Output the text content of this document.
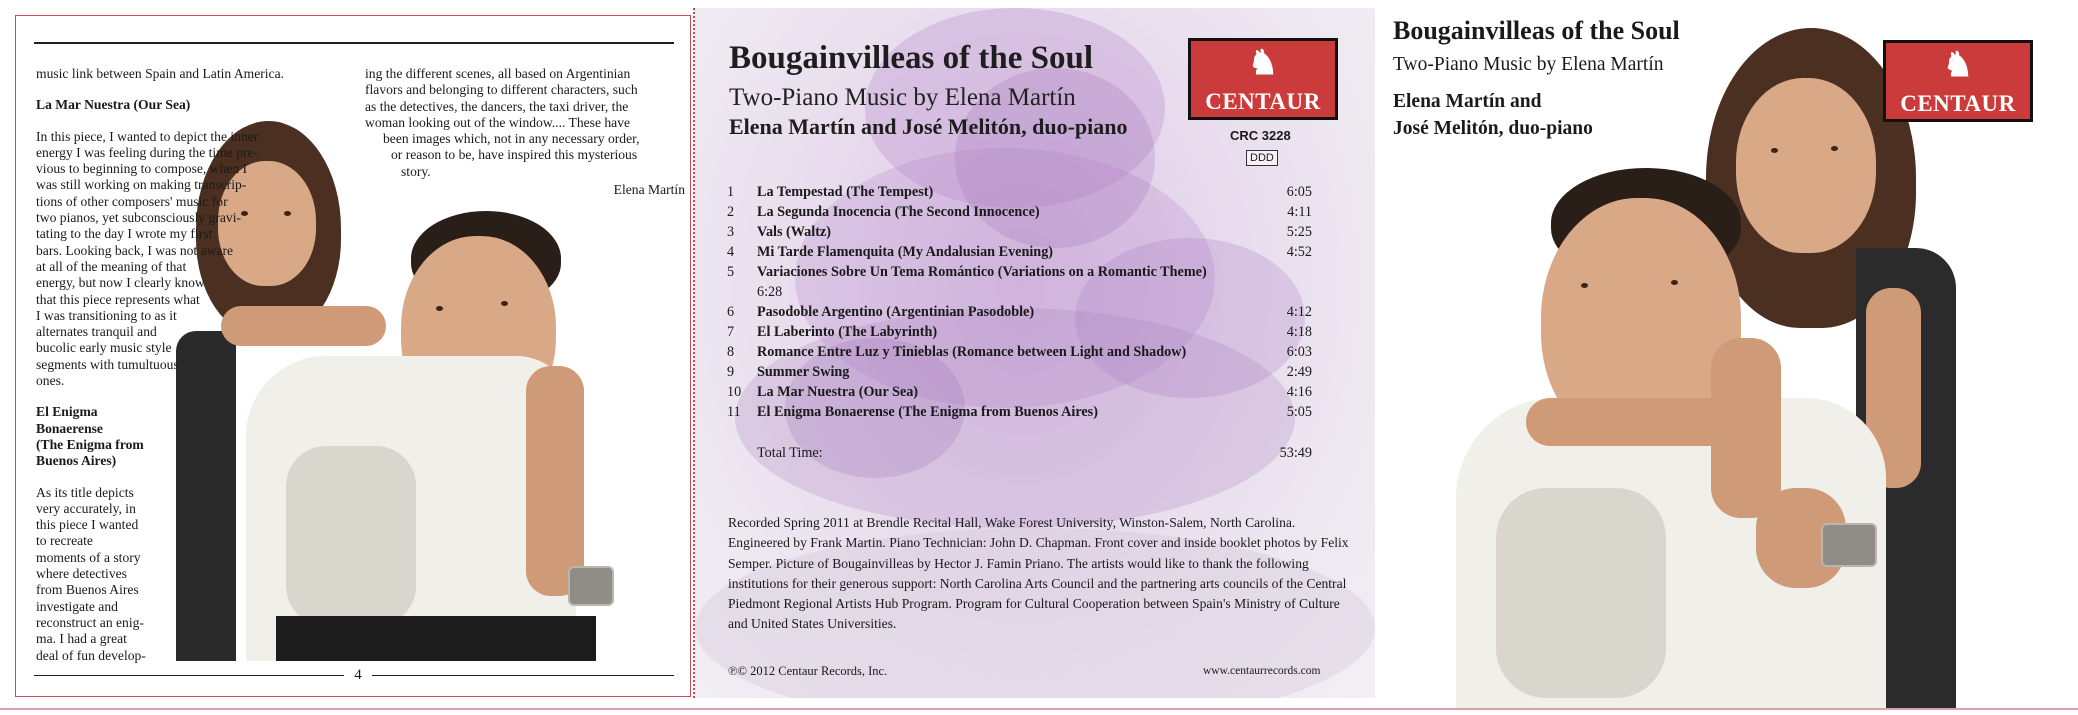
music link between Spain and Latin America.

La Mar Nuestra (Our Sea)

In this piece, I wanted to depict the inner
energy I was feeling during the time pre-
vious to beginning to compose, when I
was still working on making transcrip-
tions of other composers' music for
two pianos, yet subconsciously gravi-
tating to the day I wrote my first
bars. Looking back, I was not aware
at all of the meaning of that
energy, but now I clearly know
that this piece represents what
I was transitioning to as it
alternates tranquil and
bucolic early music style
segments with tumultuous
ones.
El Enigma
Bonaerense
(The Enigma from
Buenos Aires)
As its title depicts
very accurately, in
this piece I wanted
to recreate
moments of a story
where detectives
from Buenos Aires
investigate and
reconstruct an enig-
ma. I had a great
deal of fun develop-
ing the different scenes, all based on Argentinian
flavors and belonging to different characters, such
as the detectives, the dancers, the taxi driver, the
woman looking out of the window.... These have
been images which, not in any necessary order,
or reason to be, have inspired this mysterious
story.
Elena Martín
4
Bougainvilleas of the Soul
Two-Piano Music by Elena Martín
Elena Martín and José Melitón, duo-piano
♞
CENTAUR
CRC 3228
DDD
1	La Tempestad (The Tempest)	6:05
2	La Segunda Inocencia (The Second Innocence)	4:11
3	Vals (Waltz)	5:25
4	Mi Tarde Flamenquita (My Andalusian Evening)	4:52
5	Variaciones Sobre Un Tema Romántico (Variations on a Romantic Theme)
6:28
6	Pasodoble Argentino (Argentinian Pasodoble)	4:12
7	El Laberinto (The Labyrinth)	4:18
8	Romance Entre Luz y Tinieblas (Romance between Light and Shadow)	6:03
9	Summer Swing	2:49
10	La Mar Nuestra (Our Sea)	4:16
11	El Enigma Bonaerense (The Enigma from Buenos Aires)	5:05
Total Time:	53:49
Recorded Spring 2011 at Brendle Recital Hall, Wake Forest University, Winston-Salem, North Carolina. Engineered by Frank Martin. Piano Technician: John D. Chapman. Front cover and inside booklet photos by Felix Semper. Picture of Bougainvilleas by Hector J. Famin Priano. The artists would like to thank the following institutions for their generous support: North Carolina Arts Council and the partnering arts councils of the Central Piedmont Regional Artists Hub Program. Program for Cultural Cooperation between Spain's Ministry of Culture and United States Universities.
℗© 2012 Centaur Records, Inc.	www.centaurrecords.com
Bougainvilleas of the Soul
Two-Piano Music by Elena Martín
Elena Martín and
José Melitón, duo-piano
♞
CENTAUR
